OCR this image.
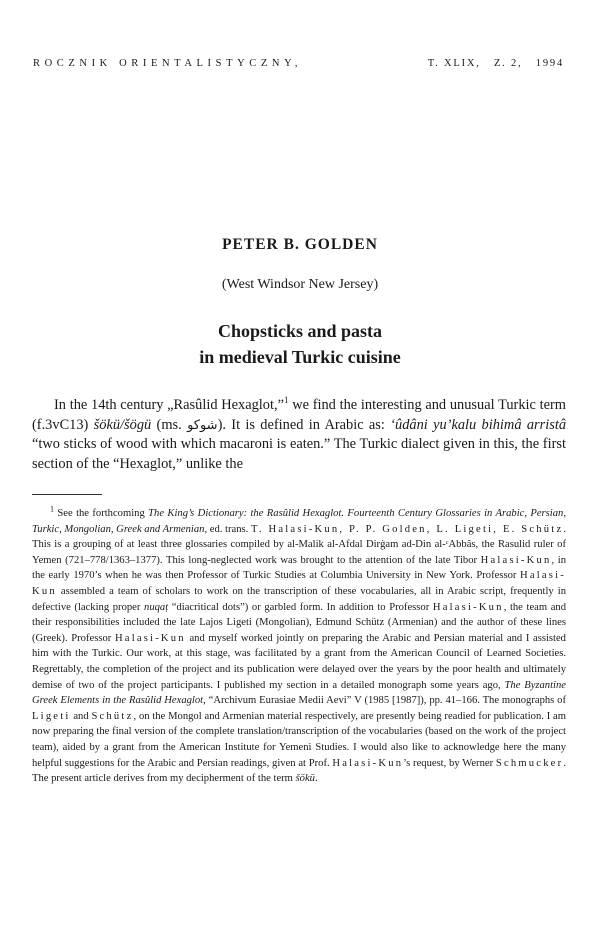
ROCZNIK ORIENTALISTYCZNY,	T. XLIX, Z. 2, 1994
PETER B. GOLDEN
(West Windsor New Jersey)
Chopsticks and pasta
in medieval Turkic cuisine

In the 14th century „Rasûlid Hexaglot,”$^1$ we find the interesting and unusual Turkic term (f.3vC13) šökü/šögü (ms. شوكو). It is defined in Arabic as: ‘ûdâni yu’kalu bihimâ arristâ “two sticks of wood with which macaroni is eaten.” The Turkic dialect given in this, the first section of the “Hexaglot,” unlike the

$^1$ See the forthcoming The King’s Dictionary: the Rasûlid Hexaglot. Fourteenth Century Glossaries in Arabic, Persian, Turkic, Mongolian, Greek and Armenian, ed. trans. T. Halasi-Kun, P. P. Golden, L. Ligeti, E. Schütz. This is a grouping of at least three glossaries compiled by al-Malik al-Afdal Dirġam ad-Din al-ᶜAbbâs, the Rasulid ruler of Yemen (721–778/1363–1377). This long-neglected work was brought to the attention of the late Tibor Halasi-Kun, in the early 1970’s when he was then Professor of Turkic Studies at Columbia University in New York. Professor Halasi-Kun assembled a team of scholars to work on the transcription of these vocabularies, all in Arabic script, frequently in defective (lacking proper nuqaṭ “diacritical dots”) or garbled form. In addition to Professor Halasi-Kun, the team and their responsibilities included the late Lajos Ligeti (Mongolian), Edmund Schütz (Armenian) and the author of these lines (Greek). Professor Halasi-Kun and myself worked jointly on preparing the Arabic and Persian material and I assisted him with the Turkic. Our work, at this stage, was facilitated by a grant from the American Council of Learned Societies. Regrettably, the completion of the project and its publication were delayed over the years by the poor health and ultimately demise of two of the project participants. I published my section in a detailed monograph some years ago, The Byzantine Greek Elements in the Rasûlid Hexaglot, “Archivum Eurasiae Medii Aevi” V (1985 [1987]), pp. 41–166. The monographs of Ligeti and Schütz, on the Mongol and Armenian material respectively, are presently being readied for publication. I am now preparing the final version of the complete translation/transcription of the vocabularies (based on the work of the project team), aided by a grant from the American Institute for Yemeni Studies. I would also like to acknowledge here the many helpful suggestions for the Arabic and Persian readings, given at Prof. Halasi-Kun’s request, by Werner Schmucker. The present article derives from my decipherment of the term šökü.
